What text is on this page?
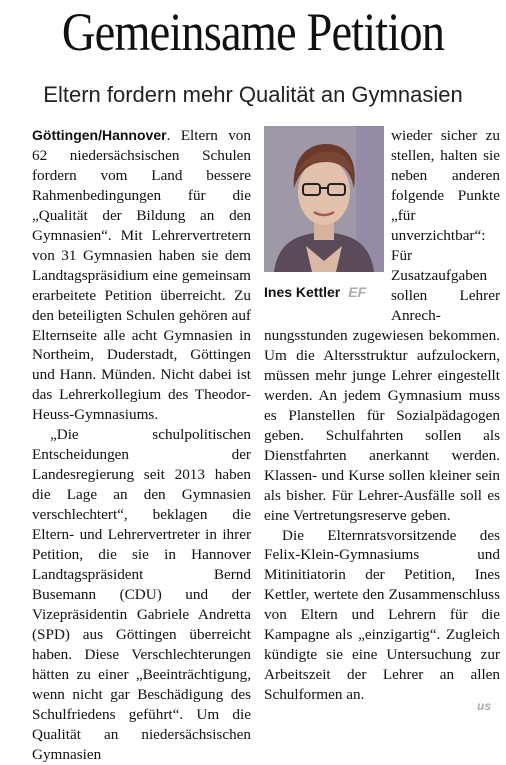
Gemeinsame Petition
Eltern fordern mehr Qualität an Gymnasien

Göttingen/Hannover. Eltern von 62 niedersächsischen Schulen fordern vom Land bessere Rahmenbedingungen für die „Qualität der Bildung an den Gymnasien“. Mit Lehrervertretern von 31 Gymnasien haben sie dem Landtagspräsidium eine gemeinsam erarbeitete Petition überreicht. Zu den beteiligten Schulen gehören auf Elternseite alle acht Gymnasien in Northeim, Duderstadt, Göttingen und Hann. Münden. Nicht dabei ist das Lehrerkollegium des Theodor-Heuss-Gymnasiums.

„Die schulpolitischen Entscheidungen der Landesregierung seit 2013 haben die Lage an den Gymnasien verschlechtert“, beklagen die Eltern- und Lehrervertreter in ihrer Petition, die sie in Hannover Landtagspräsident Bernd Busemann (CDU) und der Vizepräsidentin Gabriele Andretta (SPD) aus Göttingen überreicht haben. Diese Verschlechterungen hätten zu einer „Beeinträchtigung, wenn nicht gar Beschädigung des Schulfriedens geführt“. Um die Qualität an niedersächsischen Gymnasien

Ines Kettler EF

wieder sicher zu stellen, halten sie neben anderen folgende Punkte „für unverzichtbar“: Für Zusatzaufgaben sollen Lehrer Anrech-

nungsstunden zugewiesen bekommen. Um die Altersstruktur aufzulockern, müssen mehr junge Lehrer eingestellt werden. An jedem Gymnasium muss es Planstellen für Sozialpädagogen geben. Schulfahrten sollen als Dienstfahrten anerkannt werden. Klassen- und Kurse sollen kleiner sein als bisher. Für Lehrer-Ausfälle soll es eine Vertretungsreserve geben.

Die Elternratsvorsitzende des Felix-Klein-Gymnasiums und Mitinitiatorin der Petition, Ines Kettler, wertete den Zusammenschluss von Eltern und Lehrern für die Kampagne als „einzigartig“. Zugleich kündigte sie eine Untersuchung zur Arbeitszeit der Lehrer an allen Schulformen an.

us
